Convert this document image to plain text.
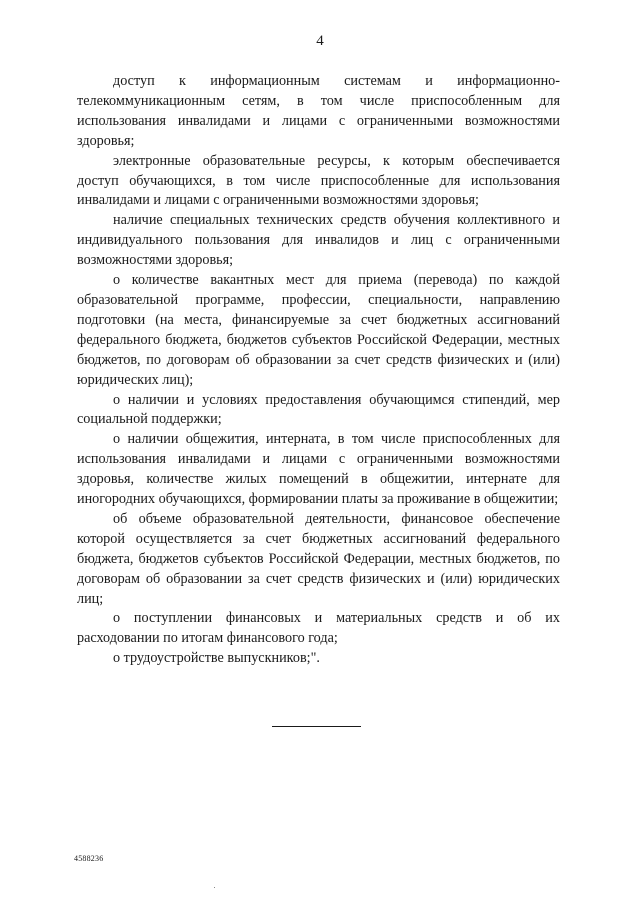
4

доступ к информационным системам и информационно-телекоммуникационным сетям, в том числе приспособленным для использования инвалидами и лицами с ограниченными возможностями здоровья;

электронные образовательные ресурсы, к которым обеспечивается доступ обучающихся, в том числе приспособленные для использования инвалидами и лицами с ограниченными возможностями здоровья;

наличие специальных технических средств обучения коллективного и индивидуального пользования для инвалидов и лиц с ограниченными возможностями здоровья;

о количестве вакантных мест для приема (перевода) по каждой образовательной программе, профессии, специальности, направлению подготовки (на места, финансируемые за счет бюджетных ассигнований федерального бюджета, бюджетов субъектов Российской Федерации, местных бюджетов, по договорам об образовании за счет средств физических и (или) юридических лиц);

о наличии и условиях предоставления обучающимся стипендий, мер социальной поддержки;

о наличии общежития, интерната, в том числе приспособленных для использования инвалидами и лицами с ограниченными возможностями здоровья, количестве жилых помещений в общежитии, интернате для иногородних обучающихся, формировании платы за проживание в общежитии;

об объеме образовательной деятельности, финансовое обеспечение которой осуществляется за счет бюджетных ассигнований федерального бюджета, бюджетов субъектов Российской Федерации, местных бюджетов, по договорам об образовании за счет средств физических и (или) юридических лиц;

о поступлении финансовых и материальных средств и об их расходовании по итогам финансового года;

о трудоустройстве выпускников;".

4588236
